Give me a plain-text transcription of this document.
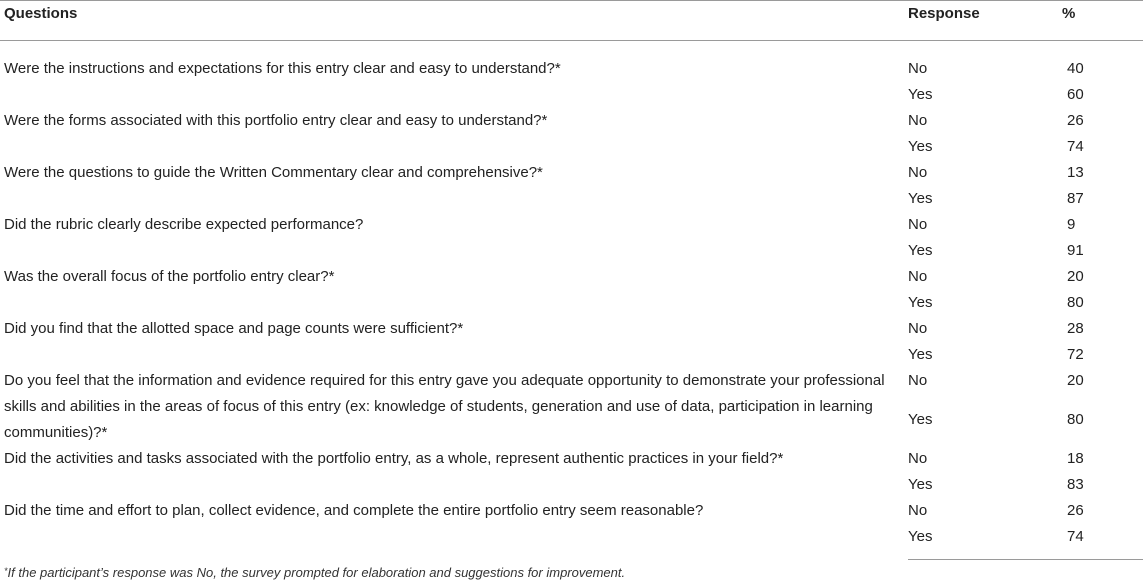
Questions	Response	%

Were the instructions and expectations for this entry clear and easy to understand?*	No	40
	Yes	60

Were the forms associated with this portfolio entry clear and easy to understand?*	No	26
	Yes	74

Were the questions to guide the Written Commentary clear and comprehensive?*	No	13
	Yes	87

Did the rubric clearly describe expected performance?	No	9
	Yes	91

Was the overall focus of the portfolio entry clear?*	No	20
	Yes	80

Did you find that the allotted space and page counts were sufficient?*	No	28
	Yes	72

Do you feel that the information and evidence required for this entry gave you adequate opportunity to demonstrate your professional skills and abilities in the areas of focus of this entry (ex: knowledge of students, generation and use of data, participation in learning communities)?*	No	20
	Yes	80

Did the activities and tasks associated with the portfolio entry, as a whole, represent authentic practices in your field?*	No	18
	Yes	83

Did the time and effort to plan, collect evidence, and complete the entire portfolio entry seem reasonable?	No	26
	Yes	74
*If the participant’s response was No, the survey prompted for elaboration and suggestions for improvement.
